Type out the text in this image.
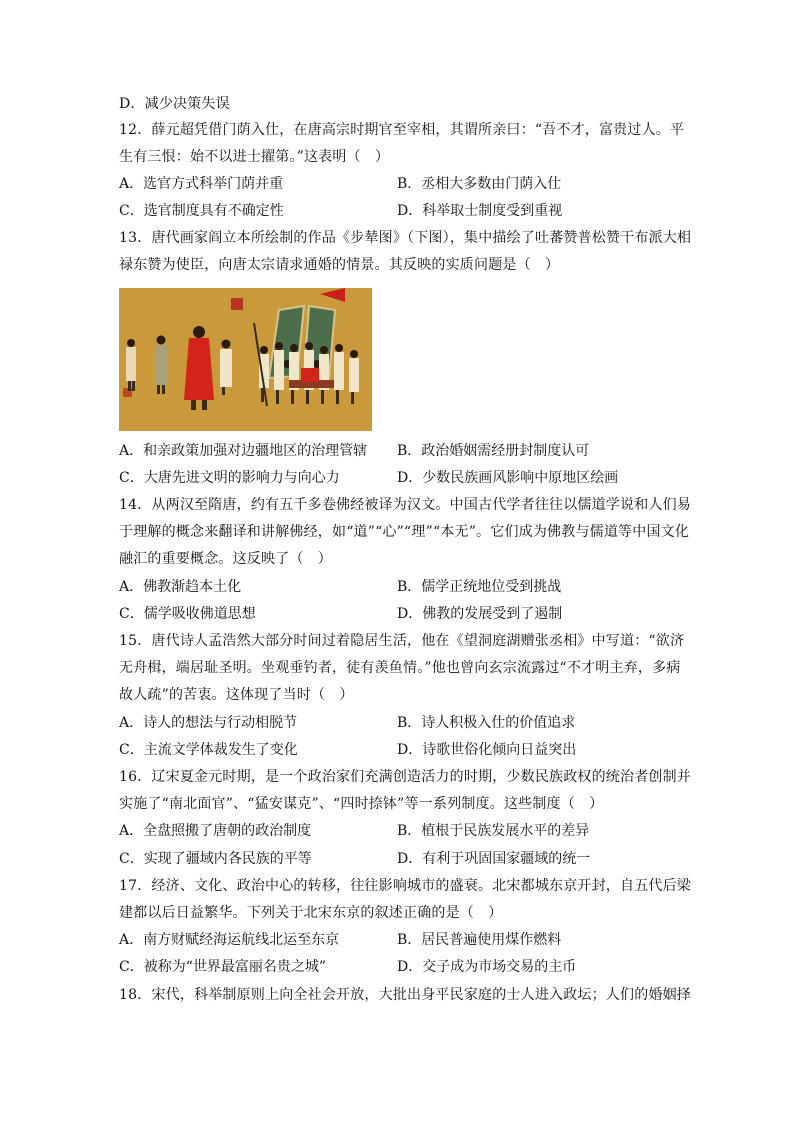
D．减少决策失误
12．薛元超凭借门荫入仕，在唐高宗时期官至宰相，其谓所亲曰：“吾不才，富贵过人。平
生有三恨：始不以进士擢第。”这表明（　）
A．选官方式科举门荫并重	B．丞相大多数由门荫入仕
C．选官制度具有不确定性	D．科举取士制度受到重视
13．唐代画家阎立本所绘制的作品《步辇图》（下图），集中描绘了吐蕃赞普松赞干布派大相
禄东赞为使臣，向唐太宗请求通婚的情景。其反映的实质问题是（　）
A．和亲政策加强对边疆地区的治理管辖 B．政治婚姻需经册封制度认可
C．大唐先进文明的影响力与向心力	D．少数民族画风影响中原地区绘画
14．从两汉至隋唐，约有五千多卷佛经被译为汉文。中国古代学者往往以儒道学说和人们易
于理解的概念来翻译和讲解佛经，如“道”“心”“理”“本无”。它们成为佛教与儒道等中国文化
融汇的重要概念。这反映了（　）
A．佛教渐趋本土化	B．儒学正统地位受到挑战
C．儒学吸收佛道思想	D．佛教的发展受到了遏制
15．唐代诗人孟浩然大部分时间过着隐居生活，他在《望洞庭湖赠张丞相》中写道：“欲济
无舟楫，端居耻圣明。坐观垂钓者，徒有羡鱼情。”他也曾向玄宗流露过“不才明主弃，多病
故人疏”的苦衷。这体现了当时（　）
A．诗人的想法与行动相脱节	B．诗人积极入仕的价值追求
C．主流文学体裁发生了变化	D．诗歌世俗化倾向日益突出
16．辽宋夏金元时期，是一个政治家们充满创造活力的时期，少数民族政权的统治者创制并
实施了“南北面官”、“猛安谋克”、“四时捺钵”等一系列制度。这些制度（　）
A．全盘照搬了唐朝的政治制度	B．植根于民族发展水平的差异
C．实现了疆域内各民族的平等	D．有利于巩固国家疆域的统一
17．经济、文化、政治中心的转移，往往影响城市的盛衰。北宋都城东京开封，自五代后梁
建都以后日益繁华。下列关于北宋东京的叙述正确的是（　）
A．南方财赋经海运航线北运至东京	B．居民普遍使用煤作燃料
C．被称为“世界最富丽名贵之城”	D．交子成为市场交易的主币
18．宋代，科举制原则上向全社会开放，大批出身平民家庭的士人进入政坛；人们的婚姻择
